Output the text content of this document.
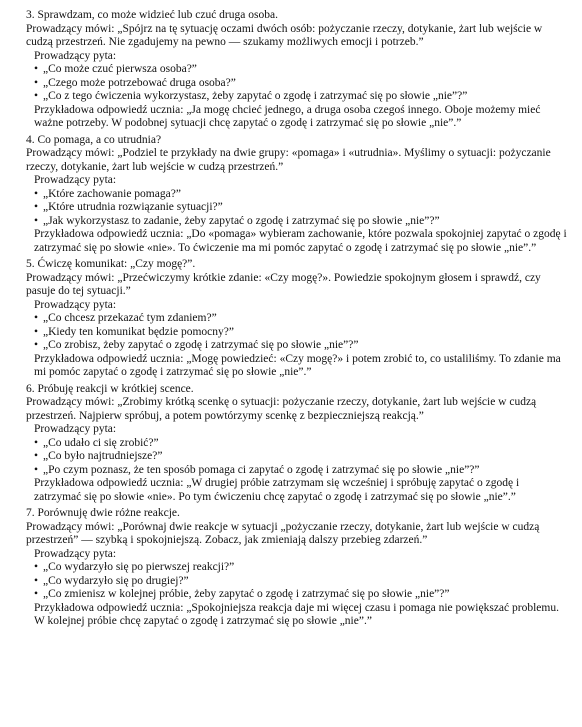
3. Sprawdzam, co może widzieć lub czuć druga osoba.

Prowadzący mówi: „Spójrz na tę sytuację oczami dwóch osób: pożyczanie rzeczy, dotykanie, żart lub wejście w cudzą przestrzeń. Nie zgadujemy na pewno — szukamy możliwych emocji i potrzeb.”

Prowadzący pyta:

• „Co może czuć pierwsza osoba?”
• „Czego może potrzebować druga osoba?”
• „Co z tego ćwiczenia wykorzystasz, żeby zapytać o zgodę i zatrzymać się po słowie „nie”?”

Przykładowa odpowiedź ucznia: „Ja mogę chcieć jednego, a druga osoba czegoś innego. Oboje możemy mieć ważne potrzeby. W podobnej sytuacji chcę zapytać o zgodę i zatrzymać się po słowie „nie”.”

4. Co pomaga, a co utrudnia?

Prowadzący mówi: „Podziel te przykłady na dwie grupy: «pomaga» i «utrudnia». Myślimy o sytuacji: pożyczanie rzeczy, dotykanie, żart lub wejście w cudzą przestrzeń.”

Prowadzący pyta:

• „Które zachowanie pomaga?”
• „Które utrudnia rozwiązanie sytuacji?”
• „Jak wykorzystasz to zadanie, żeby zapytać o zgodę i zatrzymać się po słowie „nie”?”

Przykładowa odpowiedź ucznia: „Do «pomaga» wybieram zachowanie, które pozwala spokojniej zapytać o zgodę i zatrzymać się po słowie «nie». To ćwiczenie ma mi pomóc zapytać o zgodę i zatrzymać się po słowie „nie”.”

5. Ćwiczę komunikat: „Czy mogę?”.

Prowadzący mówi: „Przećwiczymy krótkie zdanie: «Czy mogę?». Powiedzie spokojnym głosem i sprawdź, czy pasuje do tej sytuacji.”

Prowadzący pyta:

• „Co chcesz przekazać tym zdaniem?”
• „Kiedy ten komunikat będzie pomocny?”
• „Co zrobisz, żeby zapytać o zgodę i zatrzymać się po słowie „nie”?”

Przykładowa odpowiedź ucznia: „Mogę powiedzieć: «Czy mogę?» i potem zrobić to, co ustaliliśmy. To zdanie ma mi pomóc zapytać o zgodę i zatrzymać się po słowie „nie”.”

6. Próbuję reakcji w krótkiej scence.

Prowadzący mówi: „Zrobimy krótką scenkę o sytuacji: pożyczanie rzeczy, dotykanie, żart lub wejście w cudzą przestrzeń. Najpierw spróbuj, a potem powtórzymy scenkę z bezpieczniejszą reakcją.”

Prowadzący pyta:

• „Co udało ci się zrobić?”
• „Co było najtrudniejsze?”
• „Po czym poznasz, że ten sposób pomaga ci zapytać o zgodę i zatrzymać się po słowie „nie”?”

Przykładowa odpowiedź ucznia: „W drugiej próbie zatrzymam się wcześniej i spróbuję zapytać o zgodę i zatrzymać się po słowie «nie». Po tym ćwiczeniu chcę zapytać o zgodę i zatrzymać się po słowie „nie”.”

7. Porównuję dwie różne reakcje.

Prowadzący mówi: „Porównaj dwie reakcje w sytuacji „pożyczanie rzeczy, dotykanie, żart lub wejście w cudzą przestrzeń” — szybką i spokojniejszą. Zobacz, jak zmieniają dalszy przebieg zdarzeń.”

Prowadzący pyta:

• „Co wydarzyło się po pierwszej reakcji?”
• „Co wydarzyło się po drugiej?”
• „Co zmienisz w kolejnej próbie, żeby zapytać o zgodę i zatrzymać się po słowie „nie”?”

Przykładowa odpowiedź ucznia: „Spokojniejsza reakcja daje mi więcej czasu i pomaga nie powiększać problemu. W kolejnej próbie chcę zapytać o zgodę i zatrzymać się po słowie „nie”.”
